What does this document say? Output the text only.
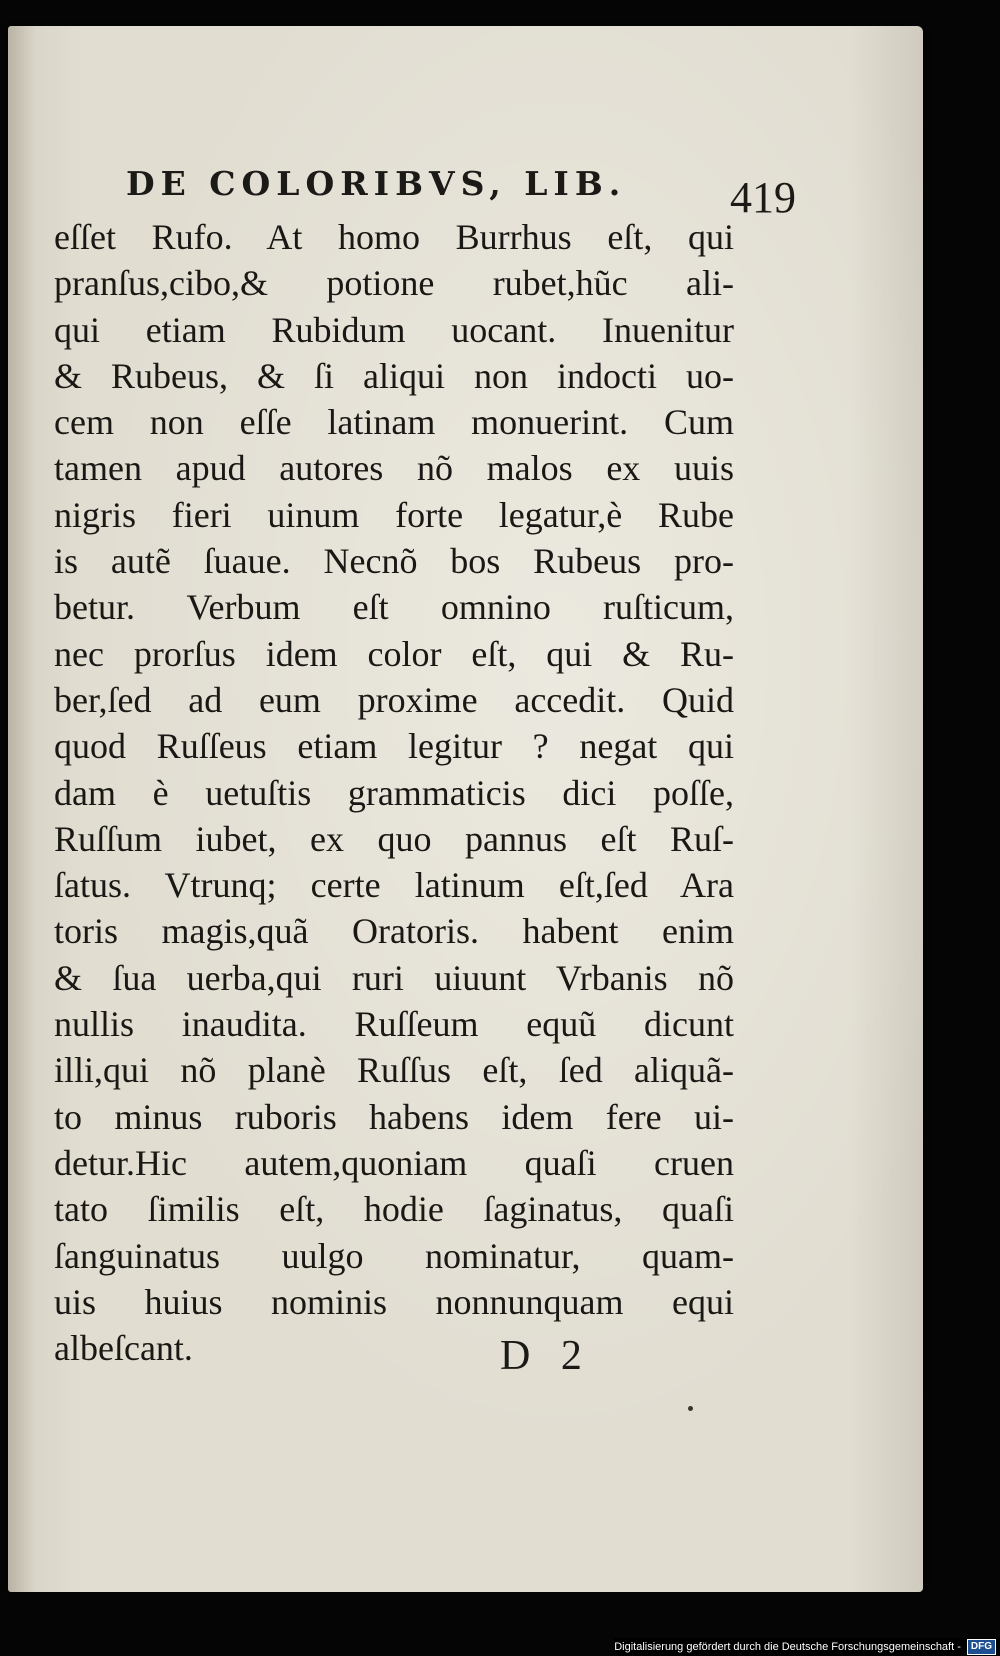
DE COLORIBVS, LIB. 419
eſſet Rufo. At homo Burrhus eſt, qui
pranſus,cibo,& potione rubet,hũc ali-
qui etiam Rubidum uocant. Inuenitur
& Rubeus, & ſi aliqui non indocti uo-
cem non eſſe latinam monuerint. Cum
tamen apud autores nõ malos ex uuis
nigris fieri uinum forte legatur,è Rube
is autẽ ſuaue. Necnõ bos Rubeus pro-
betur. Verbum eſt omnino ruſticum,
nec prorſus idem color eſt, qui & Ru-
ber,ſed ad eum proxime accedit. Quid
quod Ruſſeus etiam legitur ? negat qui
dam è uetuſtis grammaticis dici poſſe,
Ruſſum iubet, ex quo pannus eſt Ruſ-
ſatus. Vtrunq; certe latinum eſt,ſed Ara
toris magis,quã Oratoris. habent enim
& ſua uerba,qui ruri uiuunt Vrbanis nõ
nullis inaudita. Ruſſeum equũ dicunt
illi,qui nõ planè Ruſſus eſt, ſed aliquã-
to minus ruboris habens idem fere ui-
detur.Hic autem,quoniam quaſi cruen
tato ſimilis eſt, hodie ſaginatus, quaſi
ſanguinatus uulgo nominatur, quam-
uis huius nominis nonnunquam equi
albeſcant.	D 2
Digitalisierung gefördert durch die Deutsche Forschungsgemeinschaft -	DFG
